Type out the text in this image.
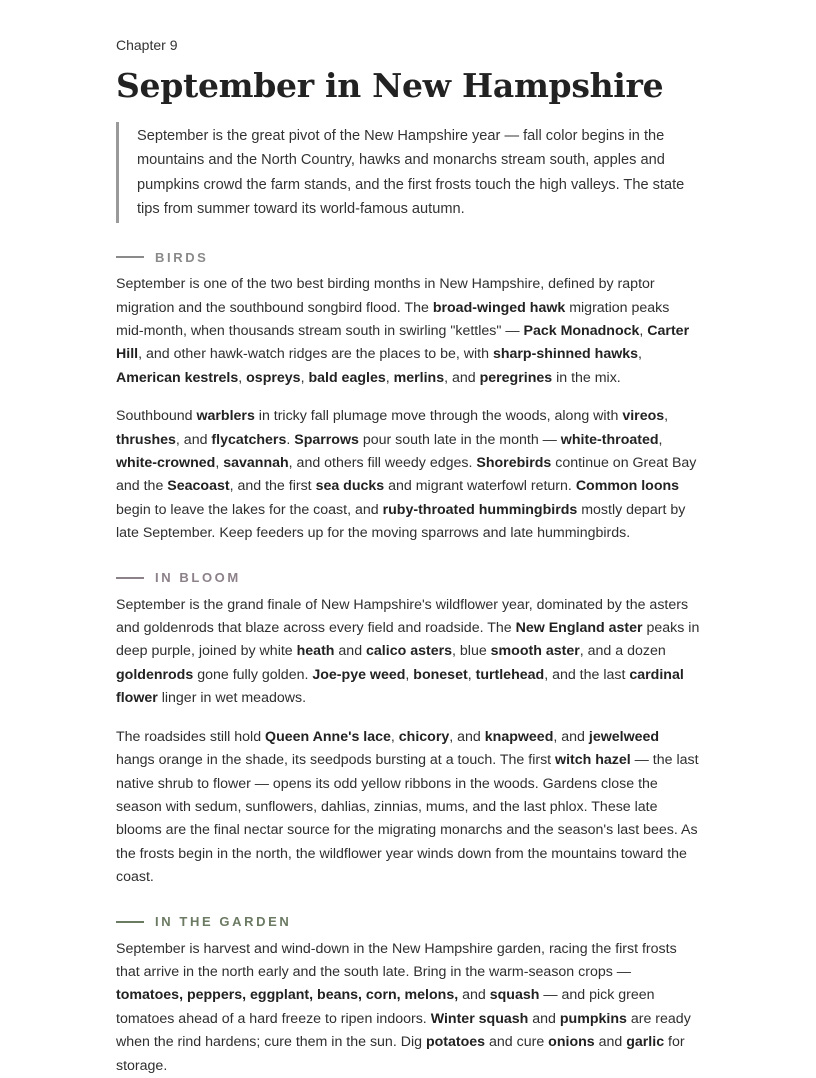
Chapter 9
September in New Hampshire
September is the great pivot of the New Hampshire year — fall color begins in the mountains and the North Country, hawks and monarchs stream south, apples and pumpkins crowd the farm stands, and the first frosts touch the high valleys. The state tips from summer toward its world-famous autumn.
BIRDS

September is one of the two best birding months in New Hampshire, defined by raptor migration and the southbound songbird flood. The broad-winged hawk migration peaks mid-month, when thousands stream south in swirling "kettles" — Pack Monadnock, Carter Hill, and other hawk-watch ridges are the places to be, with sharp-shinned hawks, American kestrels, ospreys, bald eagles, merlins, and peregrines in the mix.

Southbound warblers in tricky fall plumage move through the woods, along with vireos, thrushes, and flycatchers. Sparrows pour south late in the month — white-throated, white-crowned, savannah, and others fill weedy edges. Shorebirds continue on Great Bay and the Seacoast, and the first sea ducks and migrant waterfowl return. Common loons begin to leave the lakes for the coast, and ruby-throated hummingbirds mostly depart by late September. Keep feeders up for the moving sparrows and late hummingbirds.

IN BLOOM

September is the grand finale of New Hampshire's wildflower year, dominated by the asters and goldenrods that blaze across every field and roadside. The New England aster peaks in deep purple, joined by white heath and calico asters, blue smooth aster, and a dozen goldenrods gone fully golden. Joe-pye weed, boneset, turtlehead, and the last cardinal flower linger in wet meadows.

The roadsides still hold Queen Anne's lace, chicory, and knapweed, and jewelweed hangs orange in the shade, its seedpods bursting at a touch. The first witch hazel — the last native shrub to flower — opens its odd yellow ribbons in the woods. Gardens close the season with sedum, sunflowers, dahlias, zinnias, mums, and the last phlox. These late blooms are the final nectar source for the migrating monarchs and the season's last bees. As the frosts begin in the north, the wildflower year winds down from the mountains toward the coast.

IN THE GARDEN

September is harvest and wind-down in the New Hampshire garden, racing the first frosts that arrive in the north early and the south late. Bring in the warm-season crops — tomatoes, peppers, eggplant, beans, corn, melons, and squash — and pick green tomatoes ahead of a hard freeze to ripen indoors. Winter squash and pumpkins are ready when the rind hardens; cure them in the sun. Dig potatoes and cure onions and garlic for storage.
